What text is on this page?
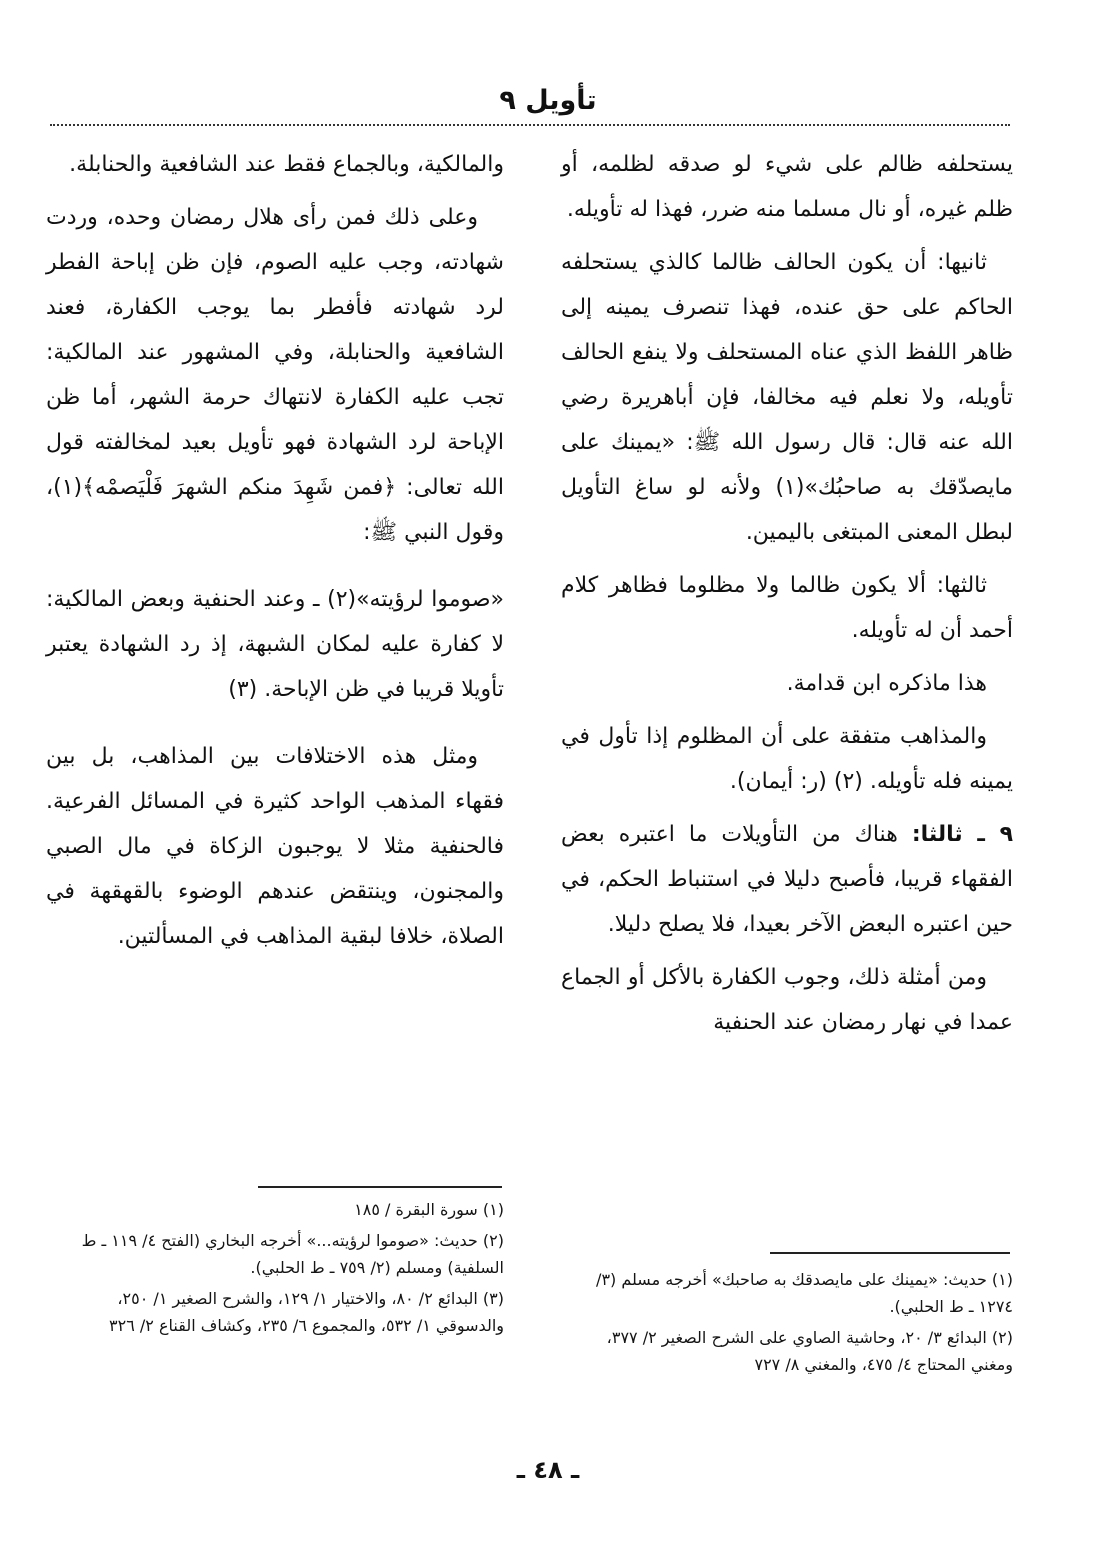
تأويل ٩

يستحلفه ظالم على شيء لو صدقه لظلمه، أو ظلم غيره، أو نال مسلما منه ضرر، فهذا له تأويله.

ثانيها: أن يكون الحالف ظالما كالذي يستحلفه الحاكم على حق عنده، فهذا تنصرف يمينه إلى ظاهر اللفظ الذي عناه المستحلف ولا ينفع الحالف تأويله، ولا نعلم فيه مخالفا، فإن أباهريرة رضي الله عنه قال: قال رسول الله ﷺ: «يمينك على مايصدّقك به صاحبُك»(١) ولأنه لو ساغ التأويل لبطل المعنى المبتغى باليمين.

ثالثها: ألا يكون ظالما ولا مظلوما فظاهر كلام أحمد أن له تأويله.

هذا ماذكره ابن قدامة.

والمذاهب متفقة على أن المظلوم إذا تأول في يمينه فله تأويله. (٢) (ر: أيمان).

٩ ـ ثالثا: هناك من التأويلات ما اعتبره بعض الفقهاء قريبا، فأصبح دليلا في استنباط الحكم، في حين اعتبره البعض الآخر بعيدا، فلا يصلح دليلا.

ومن أمثلة ذلك، وجوب الكفارة بالأكل أو الجماع عمدا في نهار رمضان عند الحنفية

والمالكية، وبالجماع فقط عند الشافعية والحنابلة.

وعلى ذلك فمن رأى هلال رمضان وحده، وردت شهادته، وجب عليه الصوم، فإن ظن إباحة الفطر لرد شهادته فأفطر بما يوجب الكفارة، فعند الشافعية والحنابلة، وفي المشهور عند المالكية: تجب عليه الكفارة لانتهاك حرمة الشهر، أما ظن الإباحة لرد الشهادة فهو تأويل بعيد لمخالفته قول الله تعالى: ﴿فمن شَهِدَ منكم الشهرَ فَلْيَصمْه﴾(١)، وقول النبي ﷺ:

«صوموا لرؤيته»(٢) ـ وعند الحنفية وبعض المالكية: لا كفارة عليه لمكان الشبهة، إذ رد الشهادة يعتبر تأويلا قريبا في ظن الإباحة. (٣)

ومثل هذه الاختلافات بين المذاهب، بل بين فقهاء المذهب الواحد كثيرة في المسائل الفرعية. فالحنفية مثلا لا يوجبون الزكاة في مال الصبي والمجنون، وينتقض عندهم الوضوء بالقهقهة في الصلاة، خلافا لبقية المذاهب في المسألتين.

(١) حديث: «يمينك على مايصدقك به صاحبك» أخرجه مسلم (٣/ ١٢٧٤ ـ ط الحلبي).

(٢) البدائع ٣/ ٢٠، وحاشية الصاوي على الشرح الصغير ٢/ ٣٧٧، ومغني المحتاج ٤/ ٤٧٥، والمغني ٨/ ٧٢٧

(١) سورة البقرة / ١٨٥

(٢) حديث: «صوموا لرؤيته...» أخرجه البخاري (الفتح ٤/ ١١٩ ـ ط السلفية) ومسلم (٢/ ٧٥٩ ـ ط الحلبي).

(٣) البدائع ٢/ ٨٠، والاختيار ١/ ١٢٩، والشرح الصغير ١/ ٢٥٠، والدسوقي ١/ ٥٣٢، والمجموع ٦/ ٢٣٥، وكشاف القناع ٢/ ٣٢٦

ـ ٤٨ ـ
